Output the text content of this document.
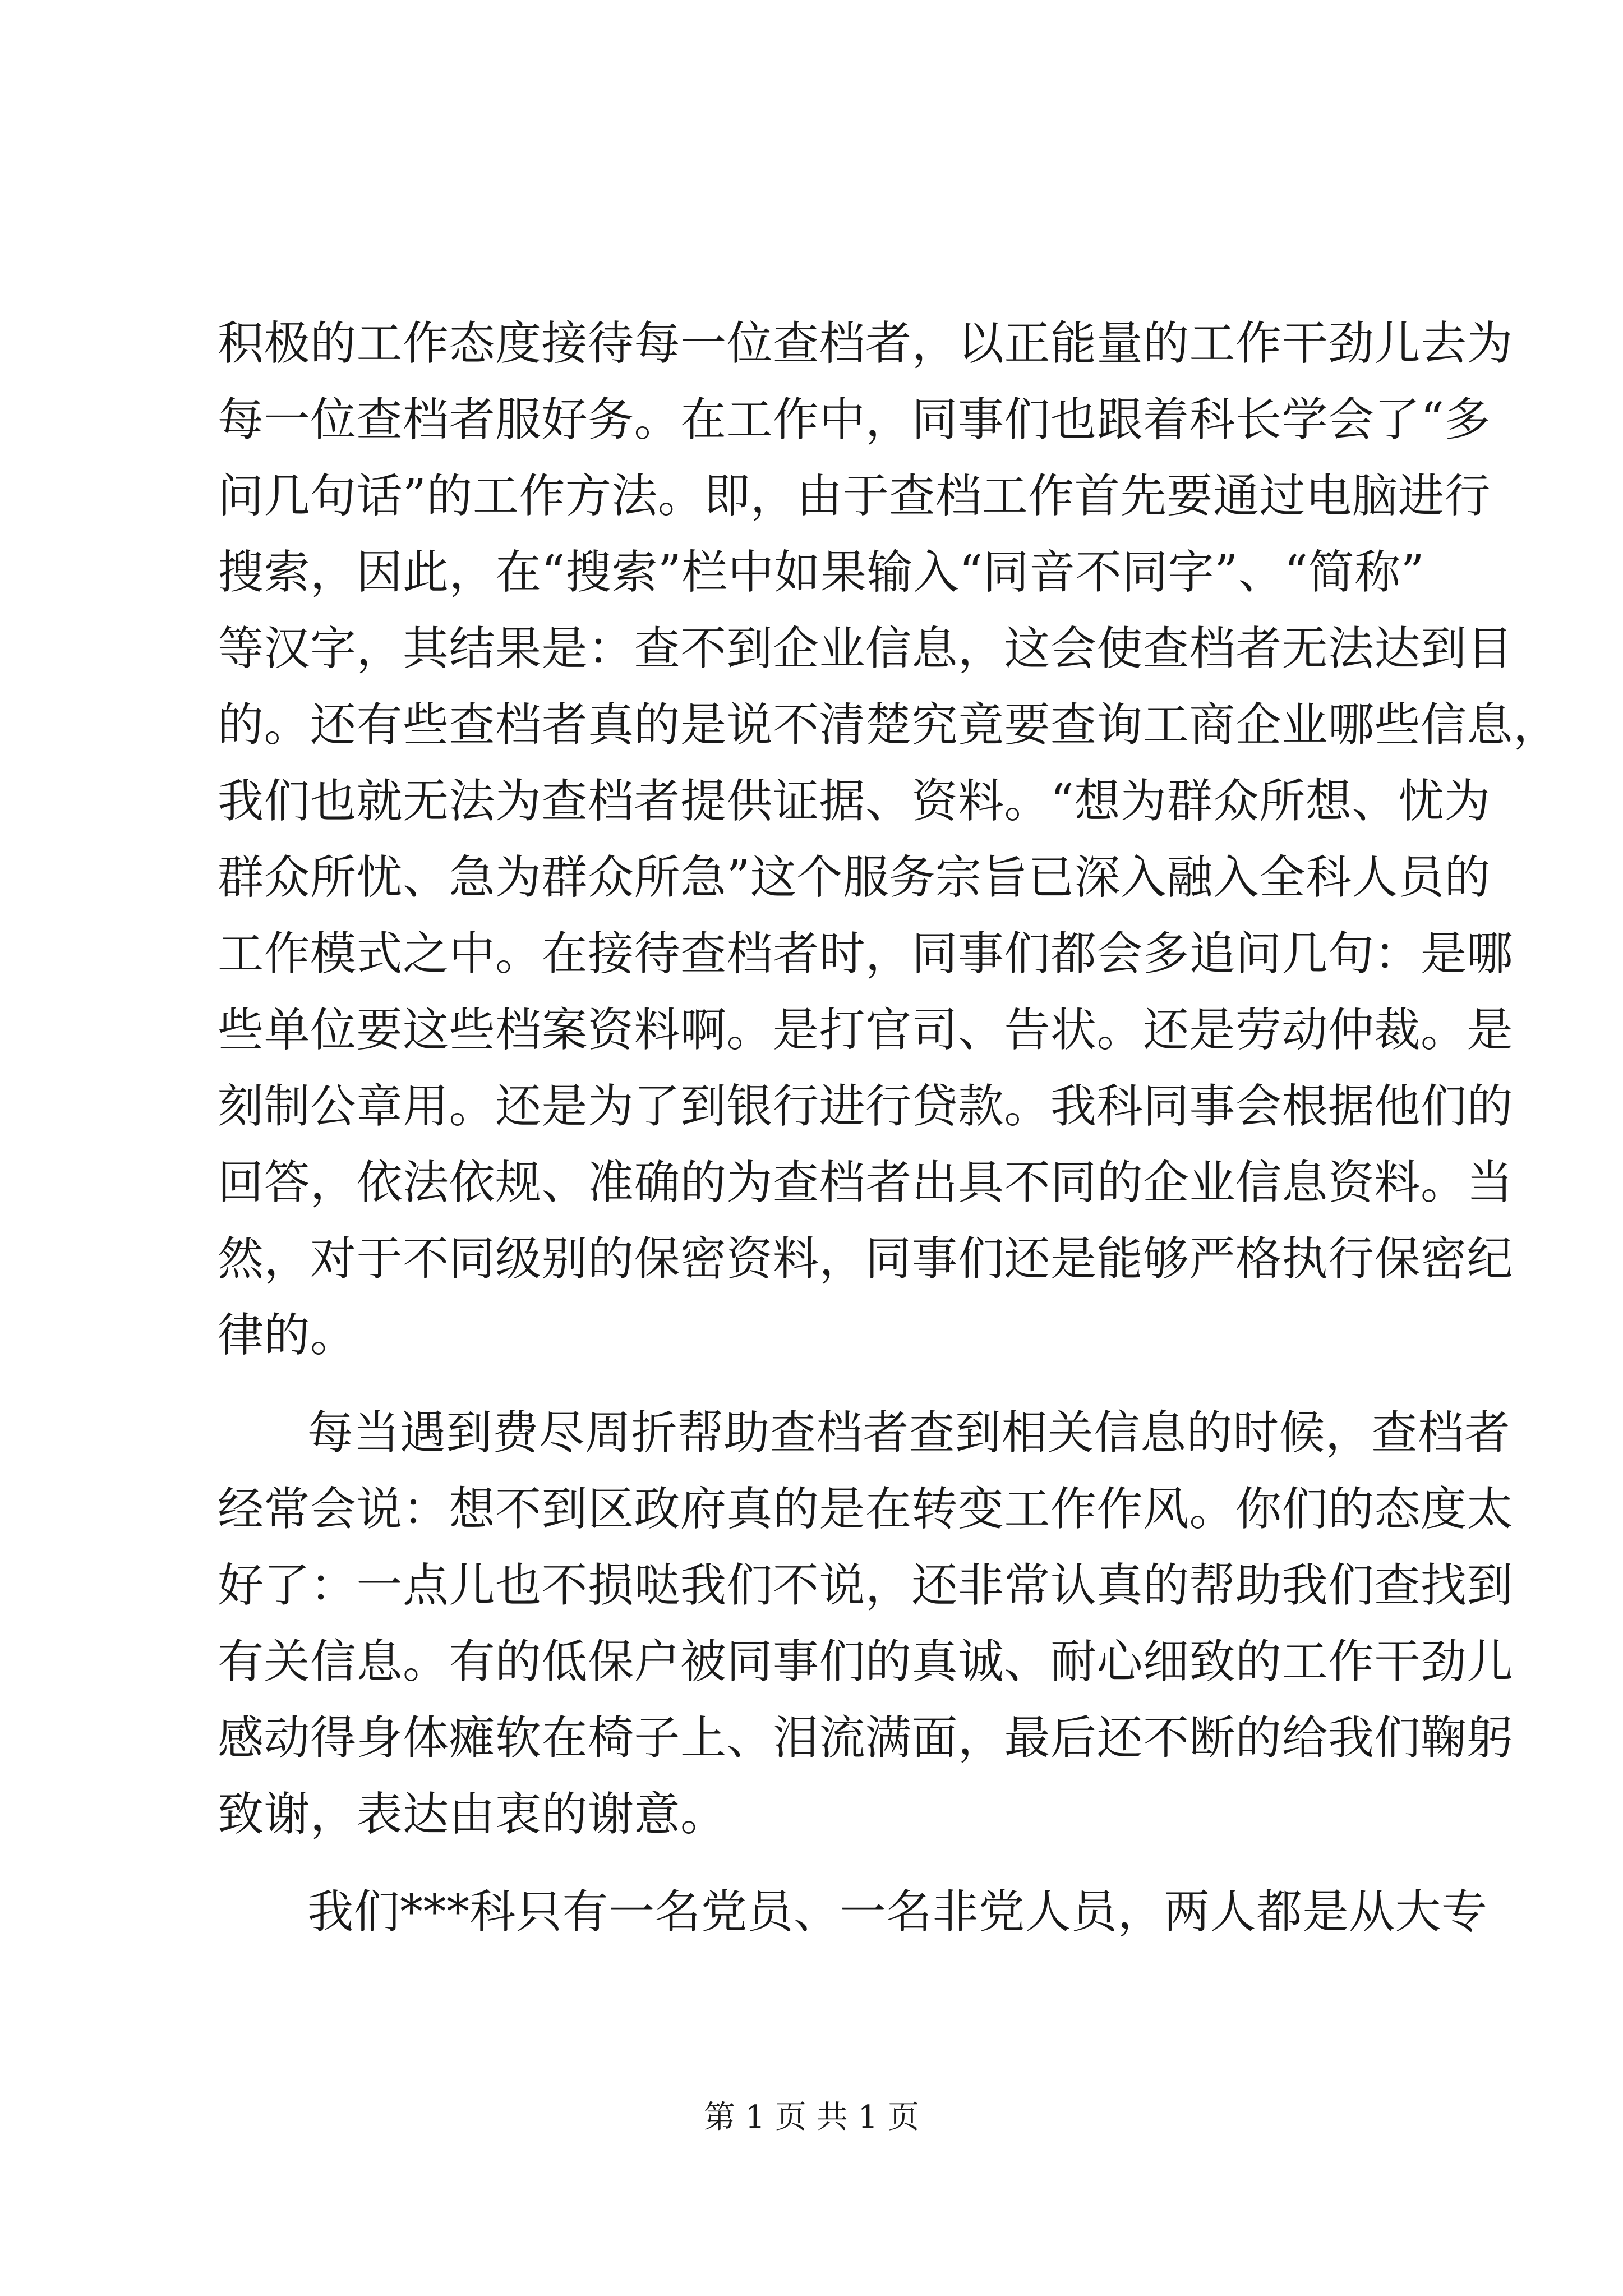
积极的工作态度接待每一位查档者，以正能量的工作干劲儿去为
每一位查档者服好务。在工作中，同事们也跟着科长学会了“多
问几句话”的工作方法。即，由于查档工作首先要通过电脑进行
搜索，因此，在“搜索”栏中如果输入“同音不同字”、“简称”
等汉字，其结果是：查不到企业信息，这会使查档者无法达到目
的。还有些查档者真的是说不清楚究竟要查询工商企业哪些信息，
我们也就无法为查档者提供证据、资料。“想为群众所想、忧为
群众所忧、急为群众所急”这个服务宗旨已深入融入全科人员的
工作模式之中。在接待查档者时，同事们都会多追问几句：是哪
些单位要这些档案资料啊。是打官司、告状。还是劳动仲裁。是
刻制公章用。还是为了到银行进行贷款。我科同事会根据他们的
回答，依法依规、准确的为查档者出具不同的企业信息资料。当
然，对于不同级别的保密资料，同事们还是能够严格执行保密纪
律的。
每当遇到费尽周折帮助查档者查到相关信息的时候，查档者
经常会说：想不到区政府真的是在转变工作作风。你们的态度太
好了：一点儿也不损哒我们不说，还非常认真的帮助我们查找到
有关信息。有的低保户被同事们的真诚、耐心细致的工作干劲儿
感动得身体瘫软在椅子上、泪流满面，最后还不断的给我们鞠躬
致谢，表达由衷的谢意。
我们***科只有一名党员、一名非党人员，两人都是从大专
第 1 页 共 1 页
